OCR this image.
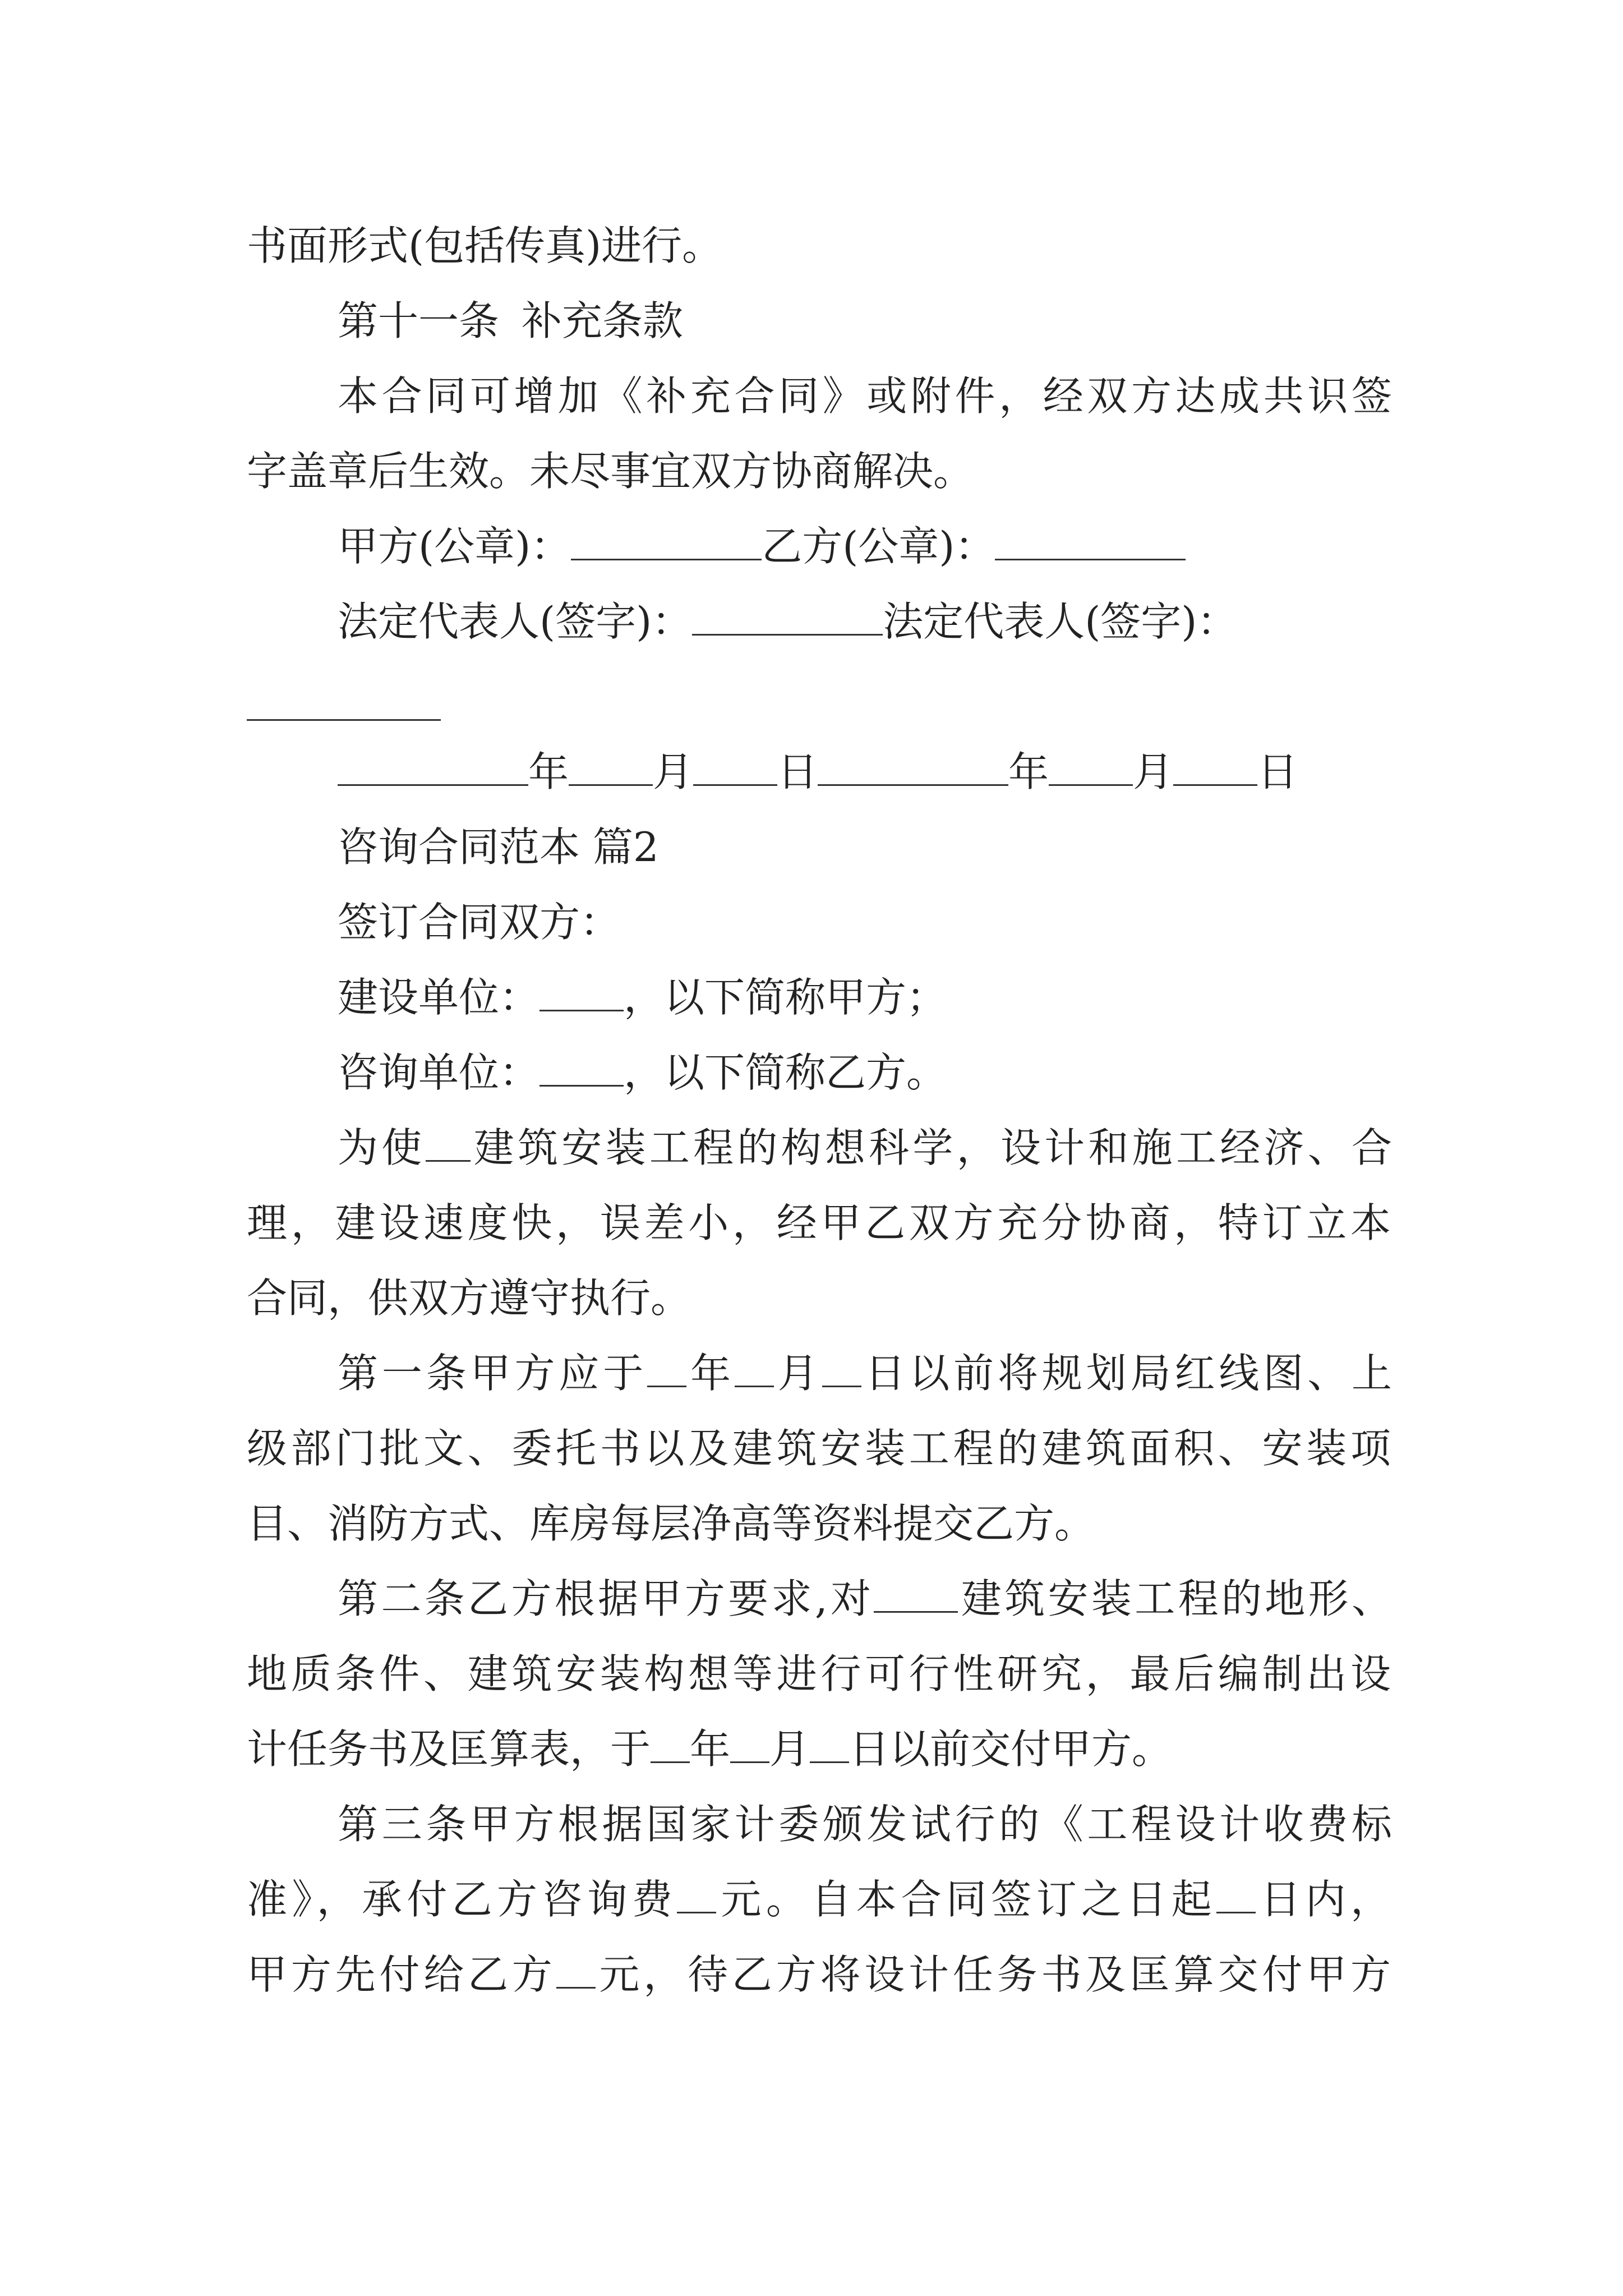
书面形式(包括传真)进行。
第十一条 补充条款
本合同可增加《补充合同》或附件，经双方达成共识签
字盖章后生效。未尽事宜双方协商解决。
甲方(公章)：	乙方(公章)：
法定代表人(签字)：	法定代表人(签字)：
年 月 日	年 月 日
咨询合同范本 篇2
签订合同双方：
建设单位： ，以下简称甲方；
咨询单位： ，以下简称乙方。
为使 建筑安装工程的构想科学，设计和施工经济、合
理，建设速度快，误差小，经甲乙双方充分协商，特订立本
合同，供双方遵守执行。
第一条甲方应于 年 月 日以前将规划局红线图、上
级部门批文、委托书以及建筑安装工程的建筑面积、安装项
目、消防方式、库房每层净高等资料提交乙方。
第二条乙方根据甲方要求,对 建筑安装工程的地形、
地质条件、建筑安装构想等进行可行性研究，最后编制出设
计任务书及匡算表，于 年 月 日以前交付甲方。
第三条甲方根据国家计委颁发试行的《工程设计收费标
准》，承付乙方咨询费 元。自本合同签订之日起 日内，
甲方先付给乙方 元，待乙方将设计任务书及匡算交付甲方
